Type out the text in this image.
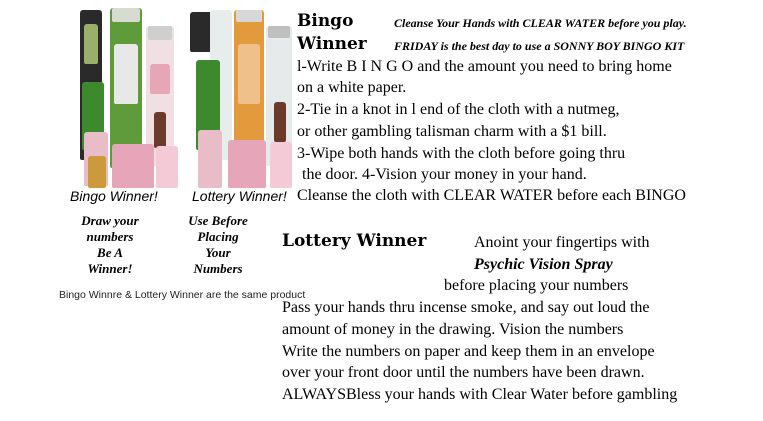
Bingo Winner! Lottery Winner!
Draw your
numbers
Be A
Winner!
Use Before
Placing
Your
Numbers
Bingo Winnre & Lottery Winner are the same product
Bingo
Winner
Cleanse Your Hands with CLEAR WATER before you play.
FRIDAY is the best day to use a SONNY BOY BINGO KIT
l-Write B I N G O and the amount you need to bring home
on a white paper.
2-Tie in a knot in l end of the cloth with a nutmeg,
or other gambling talisman charm with a $1 bill.
3-Wipe both hands with the cloth before going thru
the door. 4-Vision your money in your hand.
Cleanse the cloth with CLEAR WATER before each BINGO
Lottery Winner	Anoint your fingertips with
Psychic Vision Spray
before placing your numbers
Pass your hands thru incense smoke, and say out loud the
amount of money in the drawing. Vision the numbers
Write the numbers on paper and keep them in an envelope
over your front door until the numbers have been drawn.
ALWAYSBless your hands with Clear Water before gambling
